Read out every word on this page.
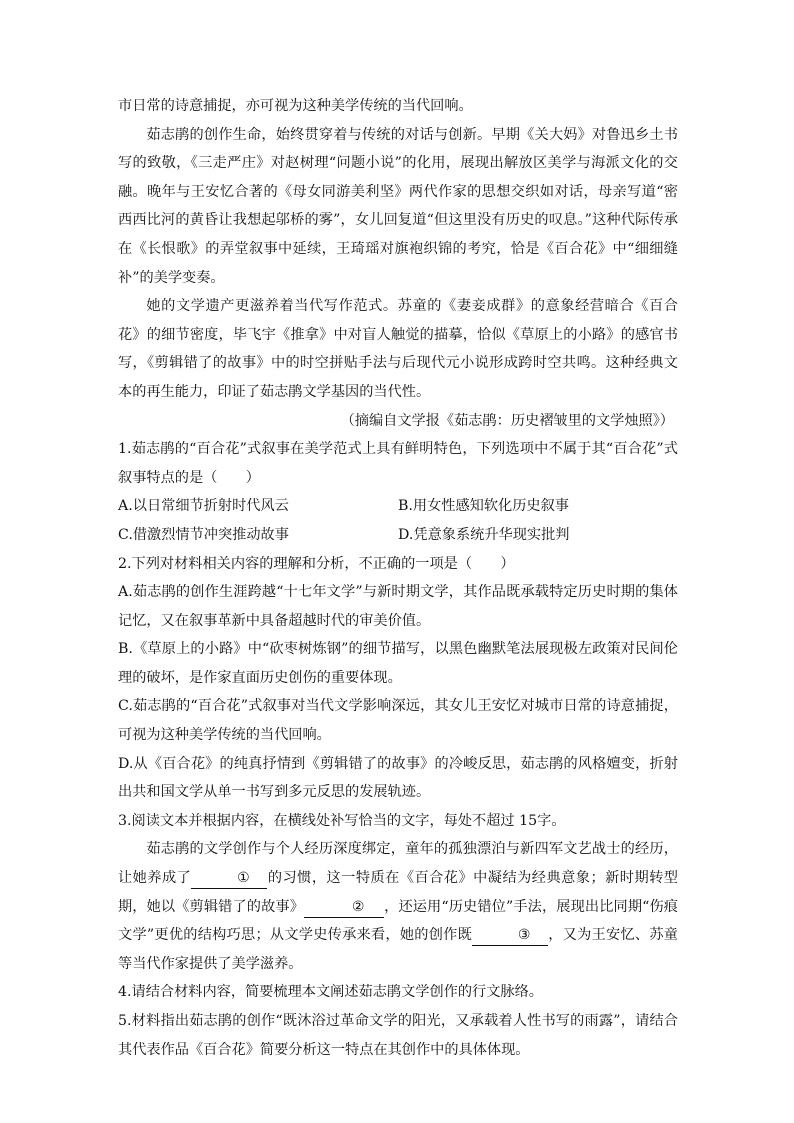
市日常的诗意捕捉，亦可视为这种美学传统的当代回响。

茹志鹃的创作生命，始终贯穿着与传统的对话与创新。早期《关大妈》对鲁迅乡土书写的致敬，《三走严庄》对赵树理“问题小说”的化用，展现出解放区美学与海派文化的交融。晚年与王安忆合著的《母女同游美利坚》两代作家的思想交织如对话，母亲写道“密西西比河的黄昏让我想起邬桥的雾”，女儿回复道“但这里没有历史的叹息。”这种代际传承在《长恨歌》的弄堂叙事中延续，王琦瑶对旗袍织锦的考究，恰是《百合花》中“细细缝补”的美学变奏。

她的文学遗产更滋养着当代写作范式。苏童的《妻妾成群》的意象经营暗合《百合花》的细节密度，毕飞宇《推拿》中对盲人触觉的描摹，恰似《草原上的小路》的感官书写，《剪辑错了的故事》中的时空拼贴手法与后现代元小说形成跨时空共鸣。这种经典文本的再生能力，印证了茹志鹃文学基因的当代性。

（摘编自文学报《茹志鹃：历史褶皱里的文学烛照》）

1.茹志鹃的“百合花”式叙事在美学范式上具有鲜明特色，下列选项中不属于其“百合花”式叙事特点的是（　　）

A.以日常细节折射时代风云	B.用女性感知软化历史叙事
C.借激烈情节冲突推动故事	D.凭意象系统升华现实批判

2.下列对材料相关内容的理解和分析，不正确的一项是（　　）

A.茹志鹃的创作生涯跨越“十七年文学”与新时期文学，其作品既承载特定历史时期的集体记忆，又在叙事革新中具备超越时代的审美价值。

B.《草原上的小路》中“砍枣树炼钢”的细节描写，以黑色幽默笔法展现极左政策对民间伦理的破坏，是作家直面历史创伤的重要体现。

C.茹志鹃的“百合花”式叙事对当代文学影响深远，其女儿王安忆对城市日常的诗意捕捉，可视为这种美学传统的当代回响。

D.从《百合花》的纯真抒情到《剪辑错了的故事》的冷峻反思，茹志鹃的风格嬗变，折射出共和国文学从单一书写到多元反思的发展轨迹。

3.阅读文本并根据内容，在横线处补写恰当的文字，每处不超过 15字。

茹志鹃的文学创作与个人经历深度绑定，童年的孤独漂泊与新四军文艺战士的经历，让她养成了	① 的习惯，这一特质在《百合花》中凝结为经典意象；新时期转型期，她以《剪辑错了的故事》	② ，还运用“历史错位”手法，展现出比同期“伤痕文学”更优的结构巧思；从文学史传承来看，她的创作既	③ ，又为王安忆、苏童等当代作家提供了美学滋养。

4.请结合材料内容，简要梳理本文阐述茹志鹃文学创作的行文脉络。

5.材料指出茹志鹃的创作“既沐浴过革命文学的阳光，又承载着人性书写的雨露”，请结合其代表作品《百合花》简要分析这一特点在其创作中的具体体现。
